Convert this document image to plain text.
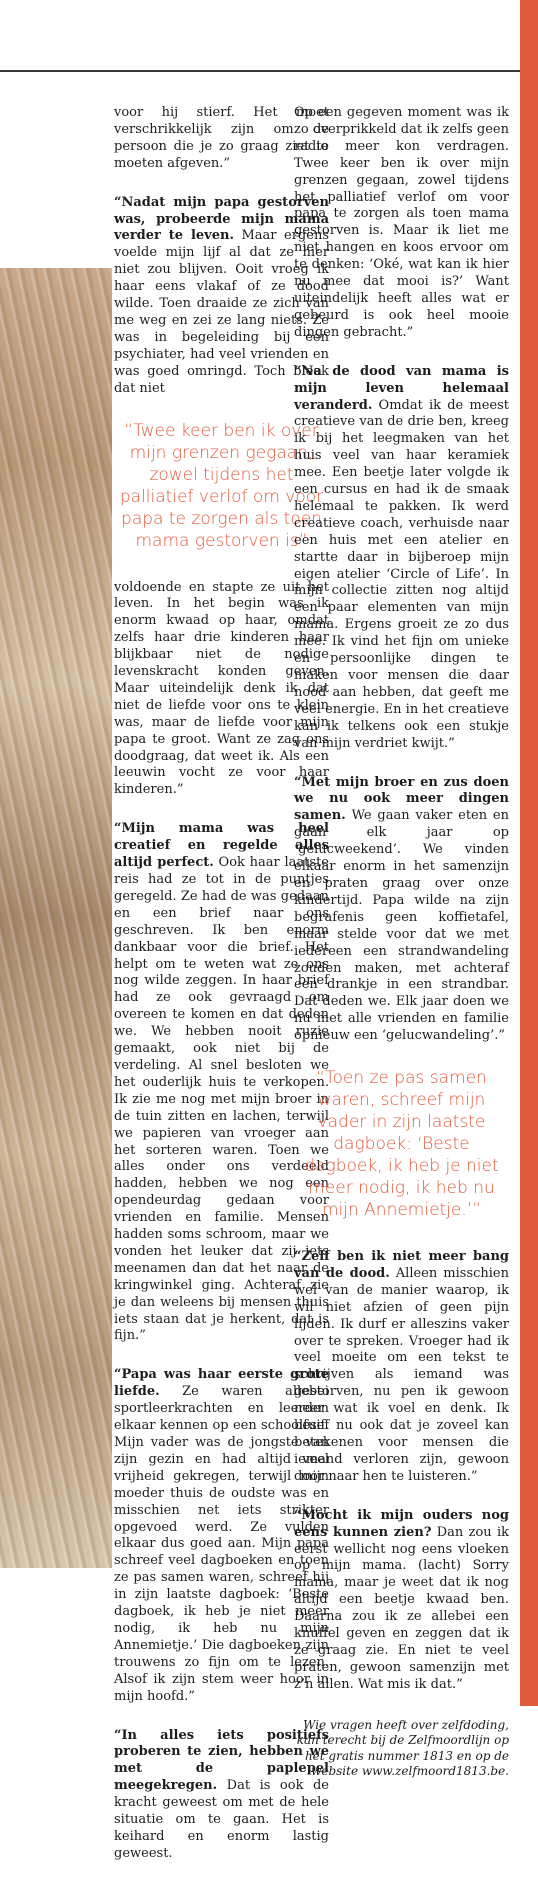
voor hij stierf. Het moet verschrikkelijk zijn om de persoon die je zo graag ziet te moeten afgeven.”

“Nadat mijn papa gestorven was, probeerde mijn mama verder te leven. Maar ergens voelde mijn lijf al dat ze hier niet zou blijven. Ooit vroeg ik haar eens vlakaf of ze dood wilde. Toen draaide ze zich van me weg en zei ze lang niets. Ze was in begeleiding bij een psychiater, had veel vrienden en was goed omringd. Toch bleek dat niet

“Twee keer ben ik over mijn grenzen gegaan, zowel tijdens het palliatief verlof om voor papa te zorgen als toen mama gestorven is”

voldoende en stapte ze uit het leven. In het begin was ik enorm kwaad op haar, omdat zelfs haar drie kinderen haar blijkbaar niet de nodige levenskracht konden geven. Maar uiteindelijk denk ik dat niet de liefde voor ons te klein was, maar de liefde voor mijn papa te groot. Want ze zag ons doodgraag, dat weet ik. Als een leeuwin vocht ze voor haar kinderen.”

“Mijn mama was heel creatief en regelde alles altijd perfect. Ook haar laatste reis had ze tot in de puntjes geregeld. Ze had de was gedaan en een brief naar ons geschreven. Ik ben enorm dankbaar voor die brief. Het helpt om te weten wat ze ons nog wilde zeggen. In haar brief had ze ook gevraagd om overeen te komen en dat deden we. We hebben nooit ruzie gemaakt, ook niet bij de verdeling. Al snel besloten we het ouderlijk huis te verkopen. Ik zie me nog met mijn broer in de tuin zitten en lachen, terwijl we papieren van vroeger aan het sorteren waren. Toen we alles onder ons verdeeld hadden, hebben we nog een opendeurdag gedaan voor vrienden en familie. Mensen hadden soms schroom, maar we vonden het leuker dat zij iets meenamen dan dat het naar de kringwinkel ging. Achteraf zie je dan weleens bij mensen thuis iets staan dat je herkent, dat is fijn.”

“Papa was haar eerste grote liefde. Ze waren allebei sportleerkrachten en leerden elkaar kennen op een schoolfuif. Mijn vader was de jongste van zijn gezin en had altijd veel vrijheid gekregen, terwijl mijn moeder thuis de oudste was en misschien net iets strikter opgevoed werd. Ze vulden elkaar dus goed aan. Mijn papa schreef veel dagboeken en toen ze pas samen waren, schreef hij in zijn laatste dagboek: ‘Beste dagboek, ik heb je niet meer nodig, ik heb nu mijn Annemietje.’ Die dagboeken zijn trouwens zo fijn om te lezen. Alsof ik zijn stem weer hoor in mijn hoofd.”

“In alles iets positiefs proberen te zien, hebben we met de paplepel meegekregen. Dat is ook de kracht geweest om met de hele situatie om te gaan. Het is keihard en enorm lastig geweest.

Op een gegeven moment was ik zo overprikkeld dat ik zelfs geen radio meer kon verdragen. Twee keer ben ik over mijn grenzen gegaan, zowel tijdens het palliatief verlof om voor papa te zorgen als toen mama gestorven is. Maar ik liet me niet hangen en koos ervoor om te denken: ‘Oké, wat kan ik hier nu mee dat mooi is?’ Want uiteindelijk heeft alles wat er gebeurd is ook heel mooie dingen gebracht.”

“Na de dood van mama is mijn leven helemaal veranderd. Omdat ik de meest creatieve van de drie ben, kreeg ik bij het leegmaken van het huis veel van haar keramiek mee. Een beetje later volgde ik een cursus en had ik de smaak helemaal te pakken. Ik werd creatieve coach, verhuisde naar een huis met een atelier en startte daar in bijberoep mijn eigen atelier ‘Circle of Life’. In mijn collectie zitten nog altijd een paar elementen van mijn mama. Ergens groeit ze zo dus mee. Ik vind het fijn om unieke en persoonlijke dingen te maken voor mensen die daar nood aan hebben, dat geeft me veel energie. En in het creatieve kan ik telkens ook een stukje van mijn verdriet kwijt.”

“Met mijn broer en zus doen we nu ook meer dingen samen. We gaan vaker eten en gaan elk jaar op ‘gelucweekend’. We vinden elkaar enorm in het samenzijn en praten graag over onze kindertijd. Papa wilde na zijn begrafenis geen koffietafel, maar stelde voor dat we met iedereen een strandwandeling zouden maken, met achteraf een drankje in een strandbar. Dat deden we. Elk jaar doen we nu met alle vrienden en familie opnieuw een ‘gelucwandeling’.”

“Toen ze pas samen waren, schreef mijn vader in zijn laatste dagboek: ‘Beste dagboek, ik heb je niet meer nodig, ik heb nu mijn Annemietje.’”

“Zelf ben ik niet meer bang van de dood. Alleen misschien wel van de manier waarop, ik wil niet afzien of geen pijn lijden. Ik durf er alleszins vaker over te spreken. Vroeger had ik veel moeite om een tekst te schrijven als iemand was gestorven, nu pen ik gewoon neer wat ik voel en denk. Ik besef nu ook dat je zoveel kan betekenen voor mensen die iemand verloren zijn, gewoon door naar hen te luisteren.”

“Mocht ik mijn ouders nog eens kunnen zien? Dan zou ik eerst wellicht nog eens vloeken op mijn mama. (lacht) Sorry mama, maar je weet dat ik nog altijd een beetje kwaad ben. Daarna zou ik ze allebei een knuffel geven en zeggen dat ik ze graag zie. En niet te veel praten, gewoon samenzijn met z’n allen. Wat mis ik dat.”

Wie vragen heeft over zelfdoding, kan terecht bij de Zelfmoordlijn op het gratis nummer 1813 en op de website www.zelfmoord1813.be.
